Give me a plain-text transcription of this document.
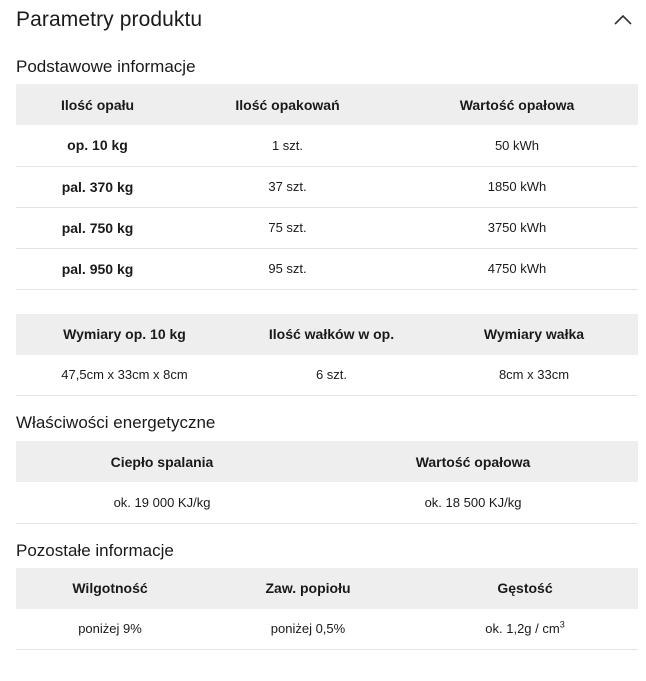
Parametry produktu
Podstawowe informacje
Ilość opału	Ilość opakowań	Wartość opałowa
op. 10 kg	1 szt.	50 kWh
pal. 370 kg	37 szt.	1850 kWh
pal. 750 kg	75 szt.	3750 kWh
pal. 950 kg	95 szt.	4750 kWh
Wymiary op. 10 kg	Ilość wałków w op.	Wymiary wałka
47,5cm x 33cm x 8cm	6 szt.	8cm x 33cm
Właściwości energetyczne
Ciepło spalania	Wartość opałowa
ok. 19 000 KJ/kg	ok. 18 500 KJ/kg
Pozostałe informacje
Wilgotność	Zaw. popiołu	Gęstość
poniżej 9%	poniżej 0,5%	ok. $1,2g / cm^3$
